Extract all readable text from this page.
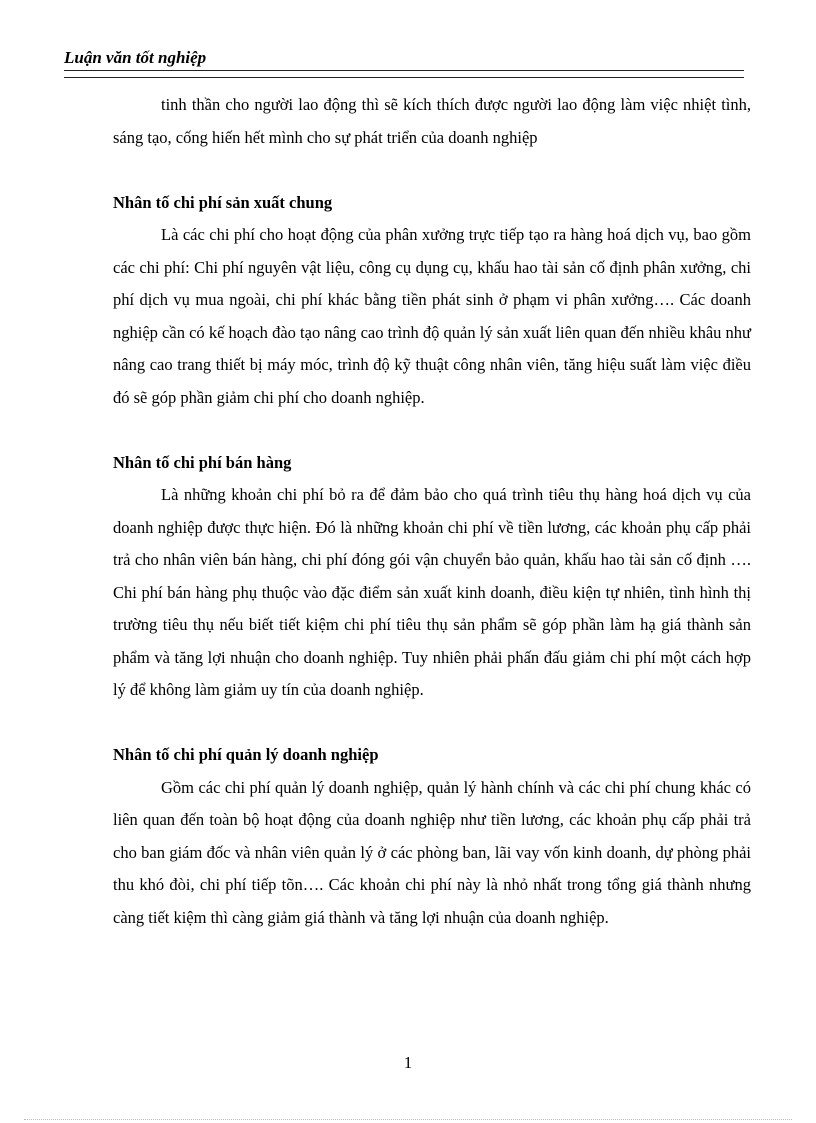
Luận văn tốt nghiệp

tinh thần cho người lao động thì sẽ kích thích được người lao động làm việc nhiệt tình, sáng tạo, cống hiến hết mình cho sự phát triển của doanh nghiệp

Nhân tố chi phí sản xuất chung

Là các chi phí cho hoạt động của phân xưởng trực tiếp tạo ra hàng hoá dịch vụ, bao gồm các chi phí: Chi phí nguyên vật liệu, công cụ dụng cụ, khấu hao tài sản cố định phân xưởng, chi phí dịch vụ mua ngoài, chi phí khác bằng tiền phát sinh ở phạm vi phân xưởng…. Các doanh nghiệp cần có kế hoạch đào tạo nâng cao trình độ quản lý sản xuất liên quan đến nhiều khâu như nâng cao trang thiết bị máy móc, trình độ kỹ thuật công nhân viên, tăng hiệu suất làm việc điều đó sẽ góp phần giảm chi phí cho doanh nghiệp.

Nhân tố chi phí bán hàng

Là những khoản chi phí bỏ ra để đảm bảo cho quá trình tiêu thụ hàng hoá dịch vụ của doanh nghiệp được thực hiện. Đó là những khoản chi phí về tiền lương, các khoản phụ cấp phải trả cho nhân viên bán hàng, chi phí đóng gói vận chuyển bảo quản, khấu hao tài sản cố định …. Chi phí bán hàng phụ thuộc vào đặc điểm sản xuất kinh doanh, điều kiện tự nhiên, tình hình thị trường tiêu thụ nếu biết tiết kiệm chi phí tiêu thụ sản phẩm sẽ góp phần làm hạ giá thành sản phẩm và tăng lợi nhuận cho doanh nghiệp. Tuy nhiên phải phấn đấu giảm chi phí một cách hợp lý để không làm giảm uy tín của doanh nghiệp.

Nhân tố chi phí quản lý doanh nghiệp

Gồm các chi phí quản lý doanh nghiệp, quản lý hành chính và các chi phí chung khác có liên quan đến toàn bộ hoạt động của doanh nghiệp như tiền lương, các khoản phụ cấp phải trả cho ban giám đốc và nhân viên quản lý ở các phòng ban, lãi vay vốn kinh doanh, dự phòng phải thu khó đòi, chi phí tiếp tõn…. Các khoản chi phí này là nhỏ nhất trong tổng giá thành nhưng càng tiết kiệm thì càng giảm giá thành và tăng lợi nhuận của doanh nghiệp.

1
